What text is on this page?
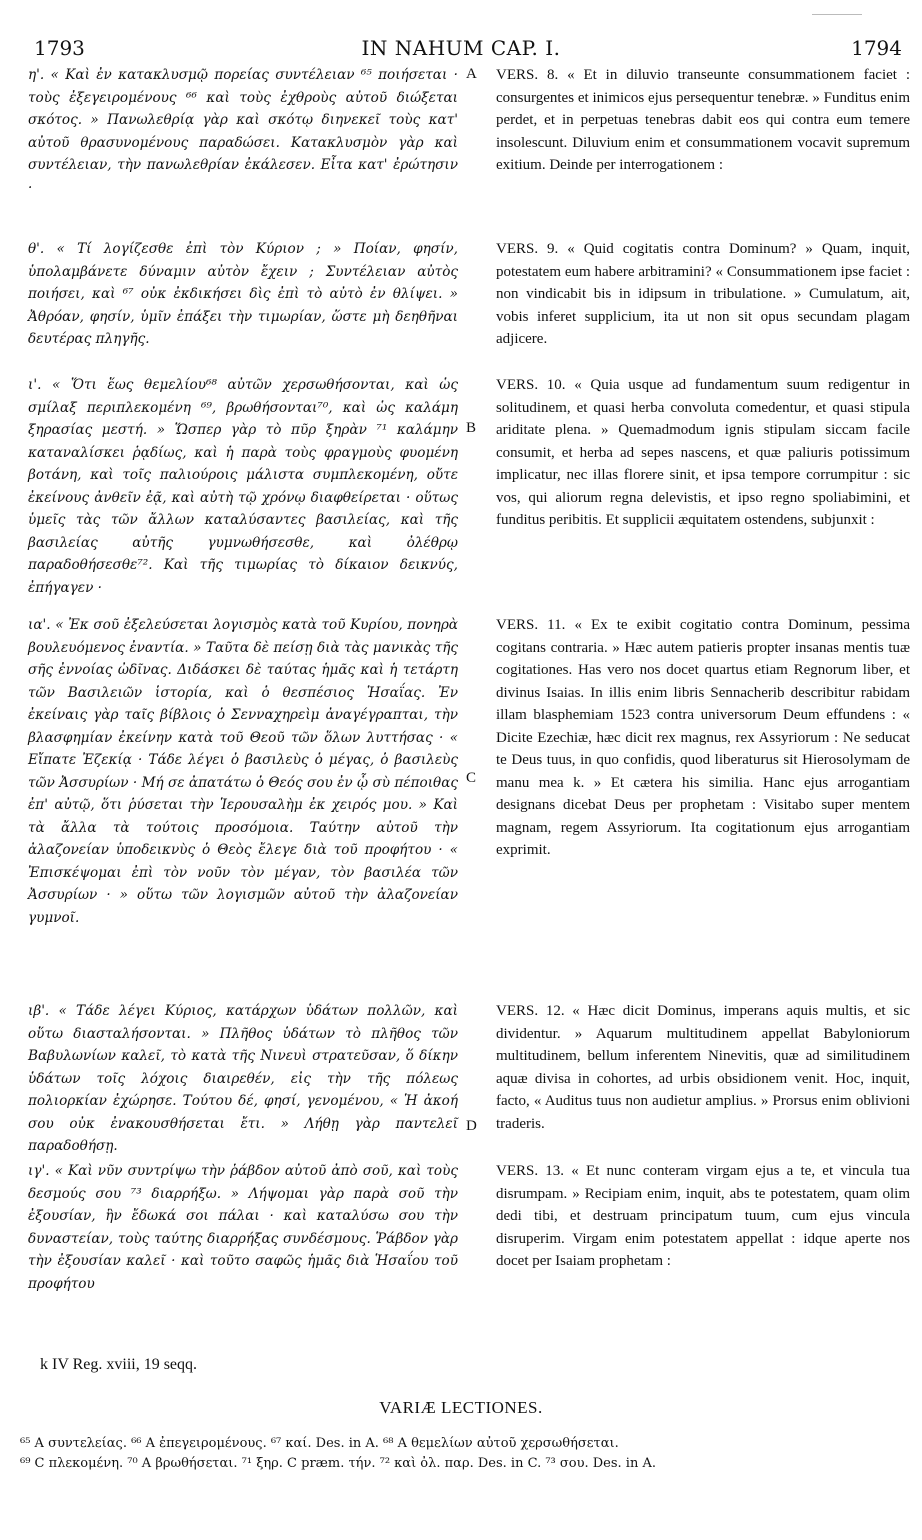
1793	IN NAHUM CAP. I.	1794

η'. « Καὶ ἐν κατακλυσμῷ πορείας συντέλειαν ⁶⁵ ποιήσεται · τοὺς ἐξεγειρομένους ⁶⁶ καὶ τοὺς ἐχθροὺς αὐτοῦ διώξεται σκότος. » Πανωλεθρίᾳ γὰρ καὶ σκότῳ διηνεκεῖ τοὺς κατ' αὐτοῦ θρασυνομένους παραδώσει. Κατακλυσμὸν γὰρ καὶ συντέλειαν, τὴν πανωλεθρίαν ἐκάλεσεν. Εἶτα κατ' ἐρώτησιν ·

θ'. « Τί λογίζεσθε ἐπὶ τὸν Κύριον ; » Ποίαν, φησίν, ὑπολαμβάνετε δύναμιν αὐτὸν ἔχειν ; Συντέλειαν αὐτὸς ποιήσει, καὶ ⁶⁷ οὐκ ἐκδικήσει δὶς ἐπὶ τὸ αὐτὸ ἐν θλίψει. » Ἀθρόαν, φησίν, ὑμῖν ἐπάξει τὴν τιμωρίαν, ὥστε μὴ δεηθῆναι δευτέρας πληγῆς.

ι'. « Ὅτι ἕως θεμελίου⁶⁸ αὐτῶν χερσωθήσονται, καὶ ὡς σμίλαξ περιπλεκομένη ⁶⁹, βρωθήσονται⁷⁰, καὶ ὡς καλάμη ξηρασίας μεστή. » Ὥσπερ γὰρ τὸ πῦρ ξηρὰν ⁷¹ καλάμην καταναλίσκει ῥᾳδίως, καὶ ἡ παρὰ τοὺς φραγμοὺς φυομένη βοτάνη, καὶ τοῖς παλιούροις μάλιστα συμπλεκομένη, οὔτε ἐκείνους ἀνθεῖν ἐᾷ, καὶ αὐτὴ τῷ χρόνῳ διαφθείρεται · οὕτως ὑμεῖς τὰς τῶν ἄλλων καταλύσαντες βασιλείας, καὶ τῆς βασιλείας αὐτῆς γυμνωθήσεσθε, καὶ ὀλέθρῳ παραδοθήσεσθε⁷². Καὶ τῆς τιμωρίας τὸ δίκαιον δεικνύς, ἐπήγαγεν ·

ια'. « Ἐκ σοῦ ἐξελεύσεται λογισμὸς κατὰ τοῦ Κυρίου, πονηρὰ βουλευόμενος ἐναντία. » Ταῦτα δὲ πείσῃ διὰ τὰς μανικὰς τῆς σῆς ἐννοίας ὠδῖνας. Διδάσκει δὲ ταύτας ἡμᾶς καὶ ἡ τετάρτη τῶν Βασιλειῶν ἱστορία, καὶ ὁ θεσπέσιος Ἡσαΐας. Ἐν ἐκείναις γὰρ ταῖς βίβλοις ὁ Σενναχηρεὶμ ἀναγέγραπται, τὴν βλασφημίαν ἐκείνην κατὰ τοῦ Θεοῦ τῶν ὅλων λυττήσας · « Εἴπατε Ἐζεκίᾳ · Τάδε λέγει ὁ βασιλεὺς ὁ μέγας, ὁ βασιλεὺς τῶν Ἀσσυρίων · Μή σε ἀπατάτω ὁ Θεός σου ἐν ᾧ σὺ πέποιθας ἐπ' αὐτῷ, ὅτι ῥύσεται τὴν Ἱερουσαλὴμ ἐκ χειρός μου. » Καὶ τὰ ἄλλα τὰ τούτοις προσόμοια. Ταύτην αὐτοῦ τὴν ἀλαζονείαν ὑποδεικνὺς ὁ Θεὸς ἔλεγε διὰ τοῦ προφήτου · « Ἐπισκέψομαι ἐπὶ τὸν νοῦν τὸν μέγαν, τὸν βασιλέα τῶν Ἀσσυρίων · » οὕτω τῶν λογισμῶν αὐτοῦ τὴν ἀλαζονείαν γυμνοῖ.

ιβ'. « Τάδε λέγει Κύριος, κατάρχων ὑδάτων πολλῶν, καὶ οὕτω διασταλήσονται. » Πλῆθος ὑδάτων τὸ πλῆθος τῶν Βαβυλωνίων καλεῖ, τὸ κατὰ τῆς Νινευὶ στρατεῦσαν, ὅ δίκην ὑδάτων τοῖς λόχοις διαιρεθέν, εἰς τὴν τῆς πόλεως πολιορκίαν ἐχώρησε. Τούτου δέ, φησί, γενομένου, « Ἡ ἀκοή σου οὐκ ἐνακουσθήσεται ἔτι. » Λήθῃ γὰρ παντελεῖ παραδοθήσῃ.

ιγ'. « Καὶ νῦν συντρίψω τὴν ῥάβδον αὐτοῦ ἀπὸ σοῦ, καὶ τοὺς δεσμούς σου ⁷³ διαρρήξω. » Λήψομαι γὰρ παρὰ σοῦ τὴν ἐξουσίαν, ἣν ἔδωκά σοι πάλαι · καὶ καταλύσω σου τὴν δυναστείαν, τοὺς ταύτης διαρρήξας συνδέσμους. Ῥάβδον γὰρ τὴν ἐξουσίαν καλεῖ · καὶ τοῦτο σαφῶς ἡμᾶς διὰ Ἡσαΐου τοῦ προφήτου

A
B
C
D

VERS. 8. « Et in diluvio transeunte consummationem faciet : consurgentes et inimicos ejus persequentur tenebræ. » Funditus enim perdet, et in perpetuas tenebras dabit eos qui contra eum temere insolescunt. Diluvium enim et consummationem vocavit supremum exitium. Deinde per interrogationem :

VERS. 9. « Quid cogitatis contra Dominum? » Quam, inquit, potestatem eum habere arbitramini? « Consummationem ipse faciet : non vindicabit bis in idipsum in tribulatione. » Cumulatum, ait, vobis inferet supplicium, ita ut non sit opus secundam plagam adjicere.

VERS. 10. « Quia usque ad fundamentum suum redigentur in solitudinem, et quasi herba convoluta comedentur, et quasi stipula ariditate plena. » Quemadmodum ignis stipulam siccam facile consumit, et herba ad sepes nascens, et quæ paliuris potissimum implicatur, nec illas florere sinit, et ipsa tempore corrumpitur : sic vos, qui aliorum regna delevistis, et ipso regno spoliabimini, et funditus peribitis. Et supplicii æquitatem ostendens, subjunxit :

VERS. 11. « Ex te exibit cogitatio contra Dominum, pessima cogitans contraria. » Hæc autem patieris propter insanas mentis tuæ cogitationes. Has vero nos docet quartus etiam Regnorum liber, et divinus Isaias. In illis enim libris Sennacherib describitur rabidam illam blasphemiam 1523 contra universorum Deum effundens : « Dicite Ezechiæ, hæc dicit rex magnus, rex Assyriorum : Ne seducat te Deus tuus, in quo confidis, quod liberaturus sit Hierosolymam de manu mea k. » Et cætera his similia. Hanc ejus arrogantiam designans dicebat Deus per prophetam : Visitabo super mentem magnam, regem Assyriorum. Ita cogitationum ejus arrogantiam exprimit.

VERS. 12. « Hæc dicit Dominus, imperans aquis multis, et sic dividentur. » Aquarum multitudinem appellat Babyloniorum multitudinem, bellum inferentem Ninevitis, quæ ad similitudinem aquæ divisa in cohortes, ad urbis obsidionem venit. Hoc, inquit, facto, « Auditus tuus non audietur amplius. » Prorsus enim oblivioni traderis.

VERS. 13. « Et nunc conteram virgam ejus a te, et vincula tua disrumpam. » Recipiam enim, inquit, abs te potestatem, quam olim dedi tibi, et destruam principatum tuum, cum ejus vincula disruperim. Virgam enim potestatem appellat : idque aperte nos docet per Isaiam prophetam :

k IV Reg. xviii, 19 seqq.
VARIÆ LECTIONES.

⁶⁵ A συντελείας. ⁶⁶ A ἐπεγειρομένους. ⁶⁷ καί. Des. in A. ⁶⁸ A θεμελίων αὐτοῦ χερσωθήσεται.

⁶⁹ C πλεκομένη. ⁷⁰ A βρωθήσεται. ⁷¹ ξηρ. C præm. τήν. ⁷² καὶ ὀλ. παρ. Des. in C. ⁷³ σου. Des. in A.
